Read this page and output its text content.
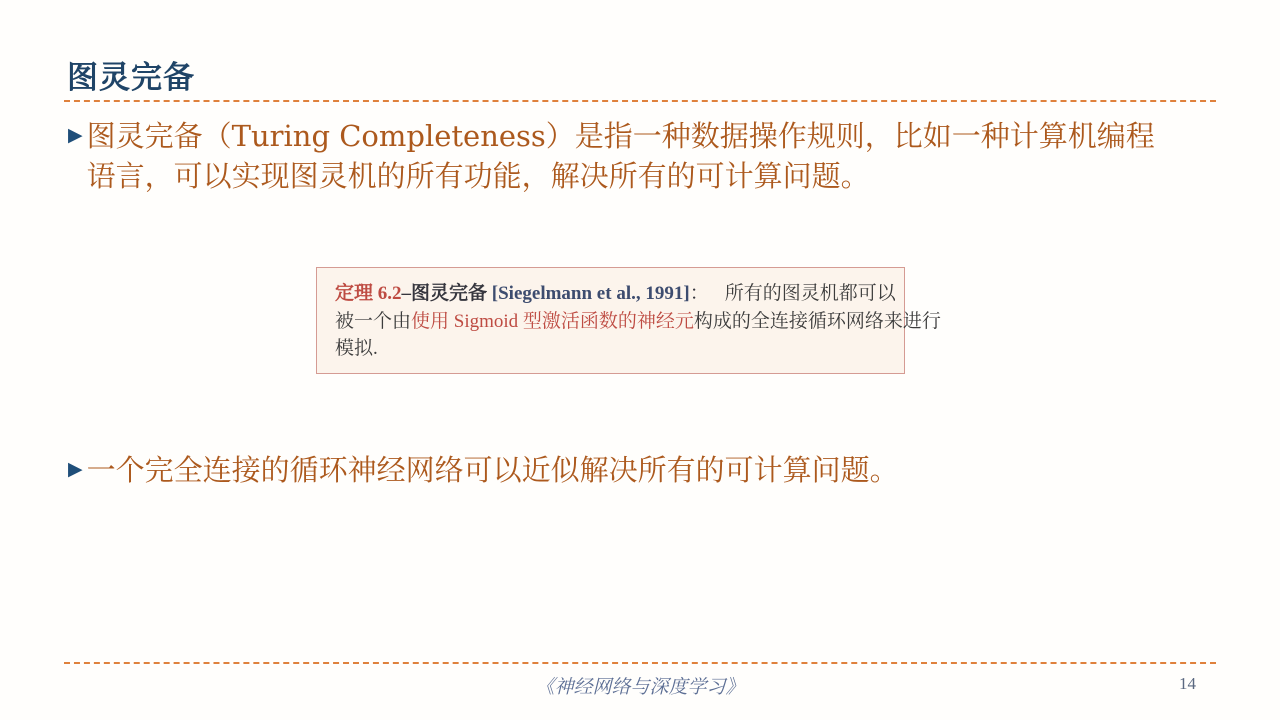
图灵完备
▶ 图灵完备（Turing Completeness）是指一种数据操作规则，比如一种计算机编程
语言，可以实现图灵机的所有功能，解决所有的可计算问题。
定理 6.2–图灵完备 [Siegelmann et al., 1991]： 所有的图灵机都可以
被一个由使用 Sigmoid 型激活函数的神经元构成的全连接循环网络来进行
模拟.
▶ 一个完全连接的循环神经网络可以近似解决所有的可计算问题。
《神经网络与深度学习》	14
